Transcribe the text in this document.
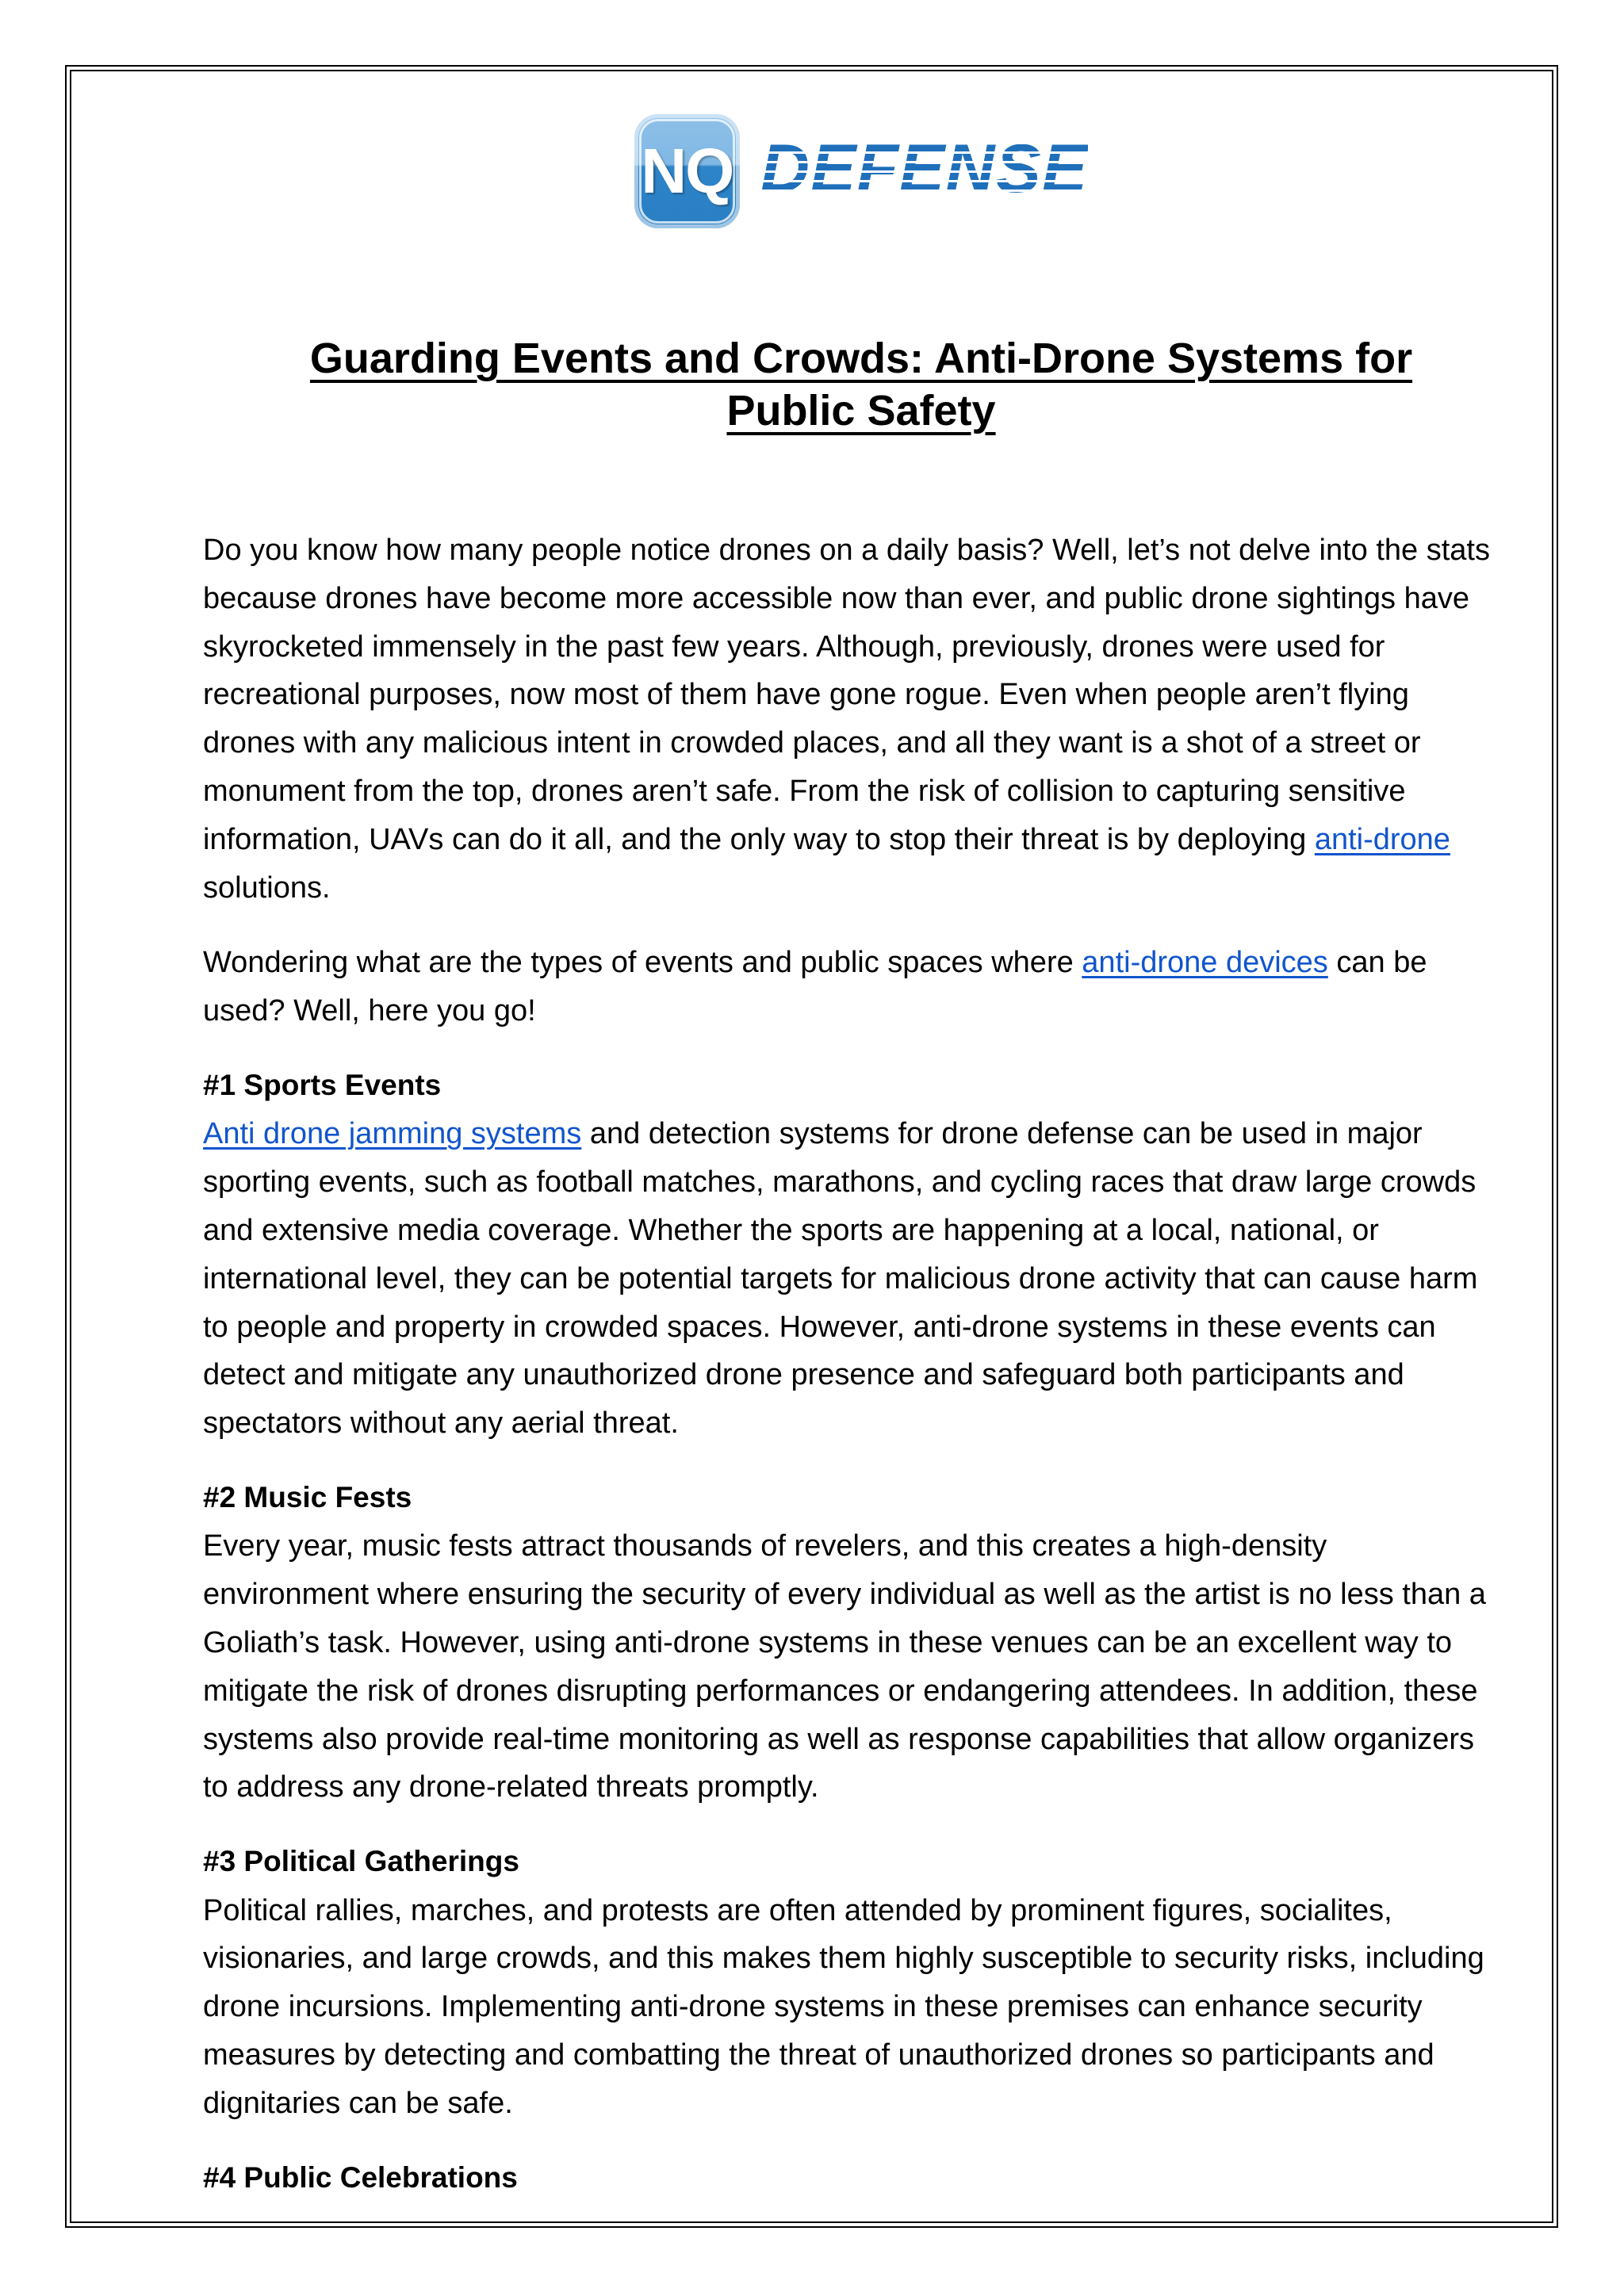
NQ DEFENSE
Guarding Events and Crowds: Anti-Drone Systems for
Public Safety

Do you know how many people notice drones on a daily basis? Well, let’s not delve into the stats because drones have become more accessible now than ever, and public drone sightings have skyrocketed immensely in the past few years. Although, previously, drones were used for recreational purposes, now most of them have gone rogue. Even when people aren’t flying drones with any malicious intent in crowded places, and all they want is a shot of a street or monument from the top, drones aren’t safe. From the risk of collision to capturing sensitive information, UAVs can do it all, and the only way to stop their threat is by deploying anti-drone solutions.

Wondering what are the types of events and public spaces where anti-drone devices can be used? Well, here you go!

#1 Sports Events

Anti drone jamming systems and detection systems for drone defense can be used in major sporting events, such as football matches, marathons, and cycling races that draw large crowds and extensive media coverage. Whether the sports are happening at a local, national, or international level, they can be potential targets for malicious drone activity that can cause harm to people and property in crowded spaces. However, anti-drone systems in these events can detect and mitigate any unauthorized drone presence and safeguard both participants and spectators without any aerial threat.

#2 Music Fests

Every year, music fests attract thousands of revelers, and this creates a high-density environment where ensuring the security of every individual as well as the artist is no less than a Goliath’s task. However, using anti-drone systems in these venues can be an excellent way to mitigate the risk of drones disrupting performances or endangering attendees. In addition, these systems also provide real-time monitoring as well as response capabilities that allow organizers to address any drone-related threats promptly.

#3 Political Gatherings

Political rallies, marches, and protests are often attended by prominent figures, socialites, visionaries, and large crowds, and this makes them highly susceptible to security risks, including drone incursions. Implementing anti-drone systems in these premises can enhance security measures by detecting and combatting the threat of unauthorized drones so participants and dignitaries can be safe.

#4 Public Celebrations
